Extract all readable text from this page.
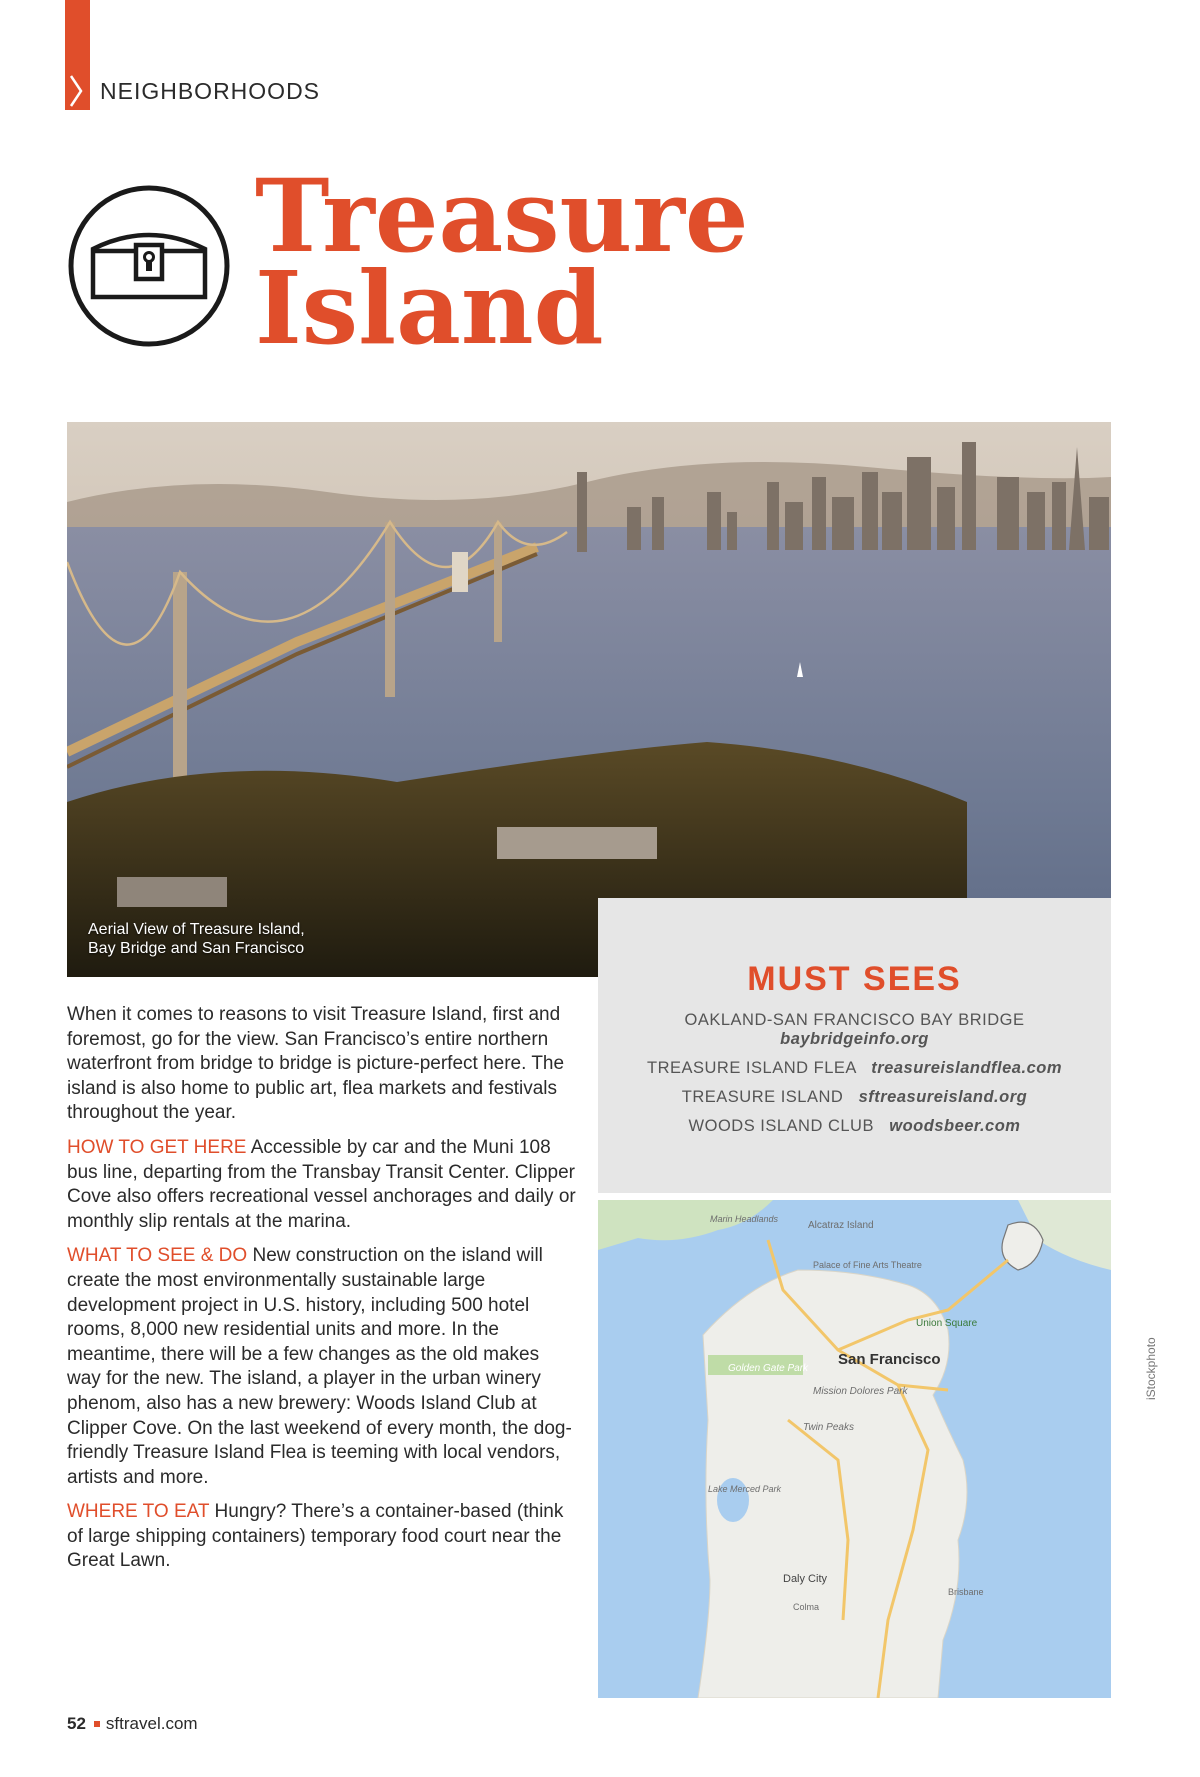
NEIGHBORHOODS
Treasure
Island
Aerial View of Treasure Island,
Bay Bridge and San Francisco
MUST SEES
OAKLAND-SAN FRANCISCO BAY BRIDGE
baybridgeinfo.org
TREASURE ISLAND FLEA treasureislandflea.com
TREASURE ISLAND sftreasureisland.org
WOODS ISLAND CLUB woodsbeer.com

When it comes to reasons to visit Treasure Island, first and foremost, go for the view. San Francisco’s entire northern waterfront from bridge to bridge is picture-perfect here. The island is also home to public art, flea markets and festivals throughout the year.

HOW TO GET HERE Accessible by car and the Muni 108 bus line, departing from the Transbay Transit Center. Clipper Cove also offers recreational vessel anchorages and daily or monthly slip rentals at the marina.

WHAT TO SEE & DO New construction on the island will create the most environmentally sustainable large development project in U.S. history, including 500 hotel rooms, 8,000 new residential units and more. In the meantime, there will be a few changes as the old makes way for the new. The island, a player in the urban winery phenom, also has a new brewery: Woods Island Club at Clipper Cove. On the last weekend of every month, the dog-friendly Treasure Island Flea is teeming with local vendors, artists and more.

WHERE TO EAT Hungry? There’s a container-based (think of large shipping containers) temporary food court near the Great Lawn.

Marin Headlands
Alcatraz Island
Palace of Fine Arts Theatre
Union Square
San Francisco
Golden Gate Park
Mission Dolores Park
Twin Peaks
Lake Merced Park
Daly City
Colma
Brisbane
iStockphoto
52 sftravel.com
